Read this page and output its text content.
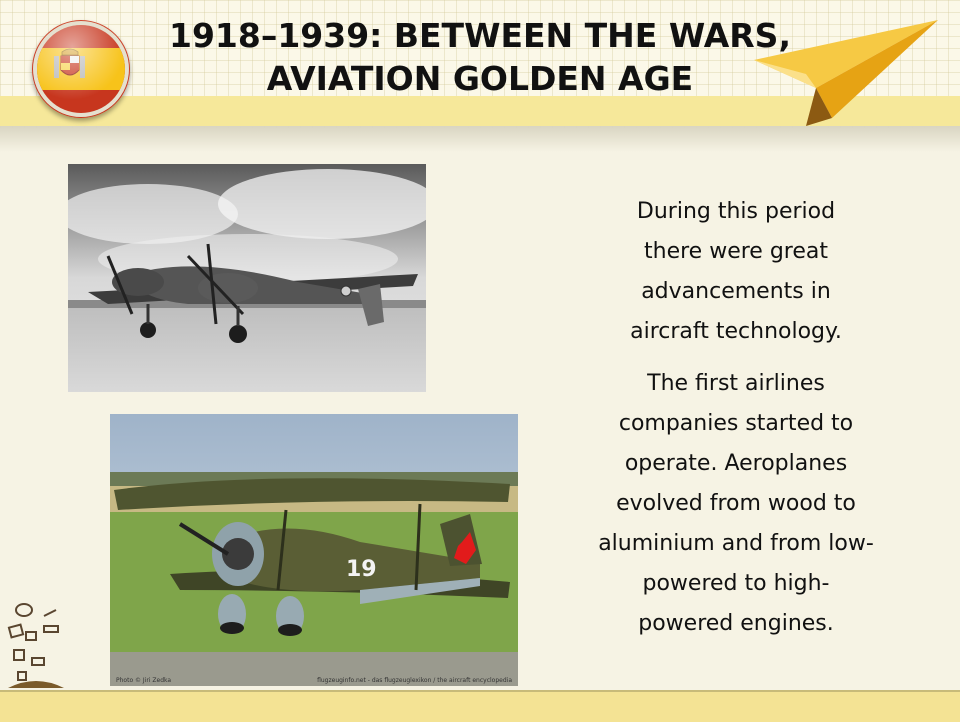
1918–1939: BETWEEN THE WARS,
AVIATION GOLDEN AGE
19
Photo © Jiri Zedka	flugzeuginfo.net - das flugzeuglexikon / the aircraft encyclopedia

During this period
there were great
advancements in
aircraft technology.

The first airlines
companies started to
operate. Aeroplanes
evolved from wood to
aluminium and from low-
powered to high-
powered engines.
